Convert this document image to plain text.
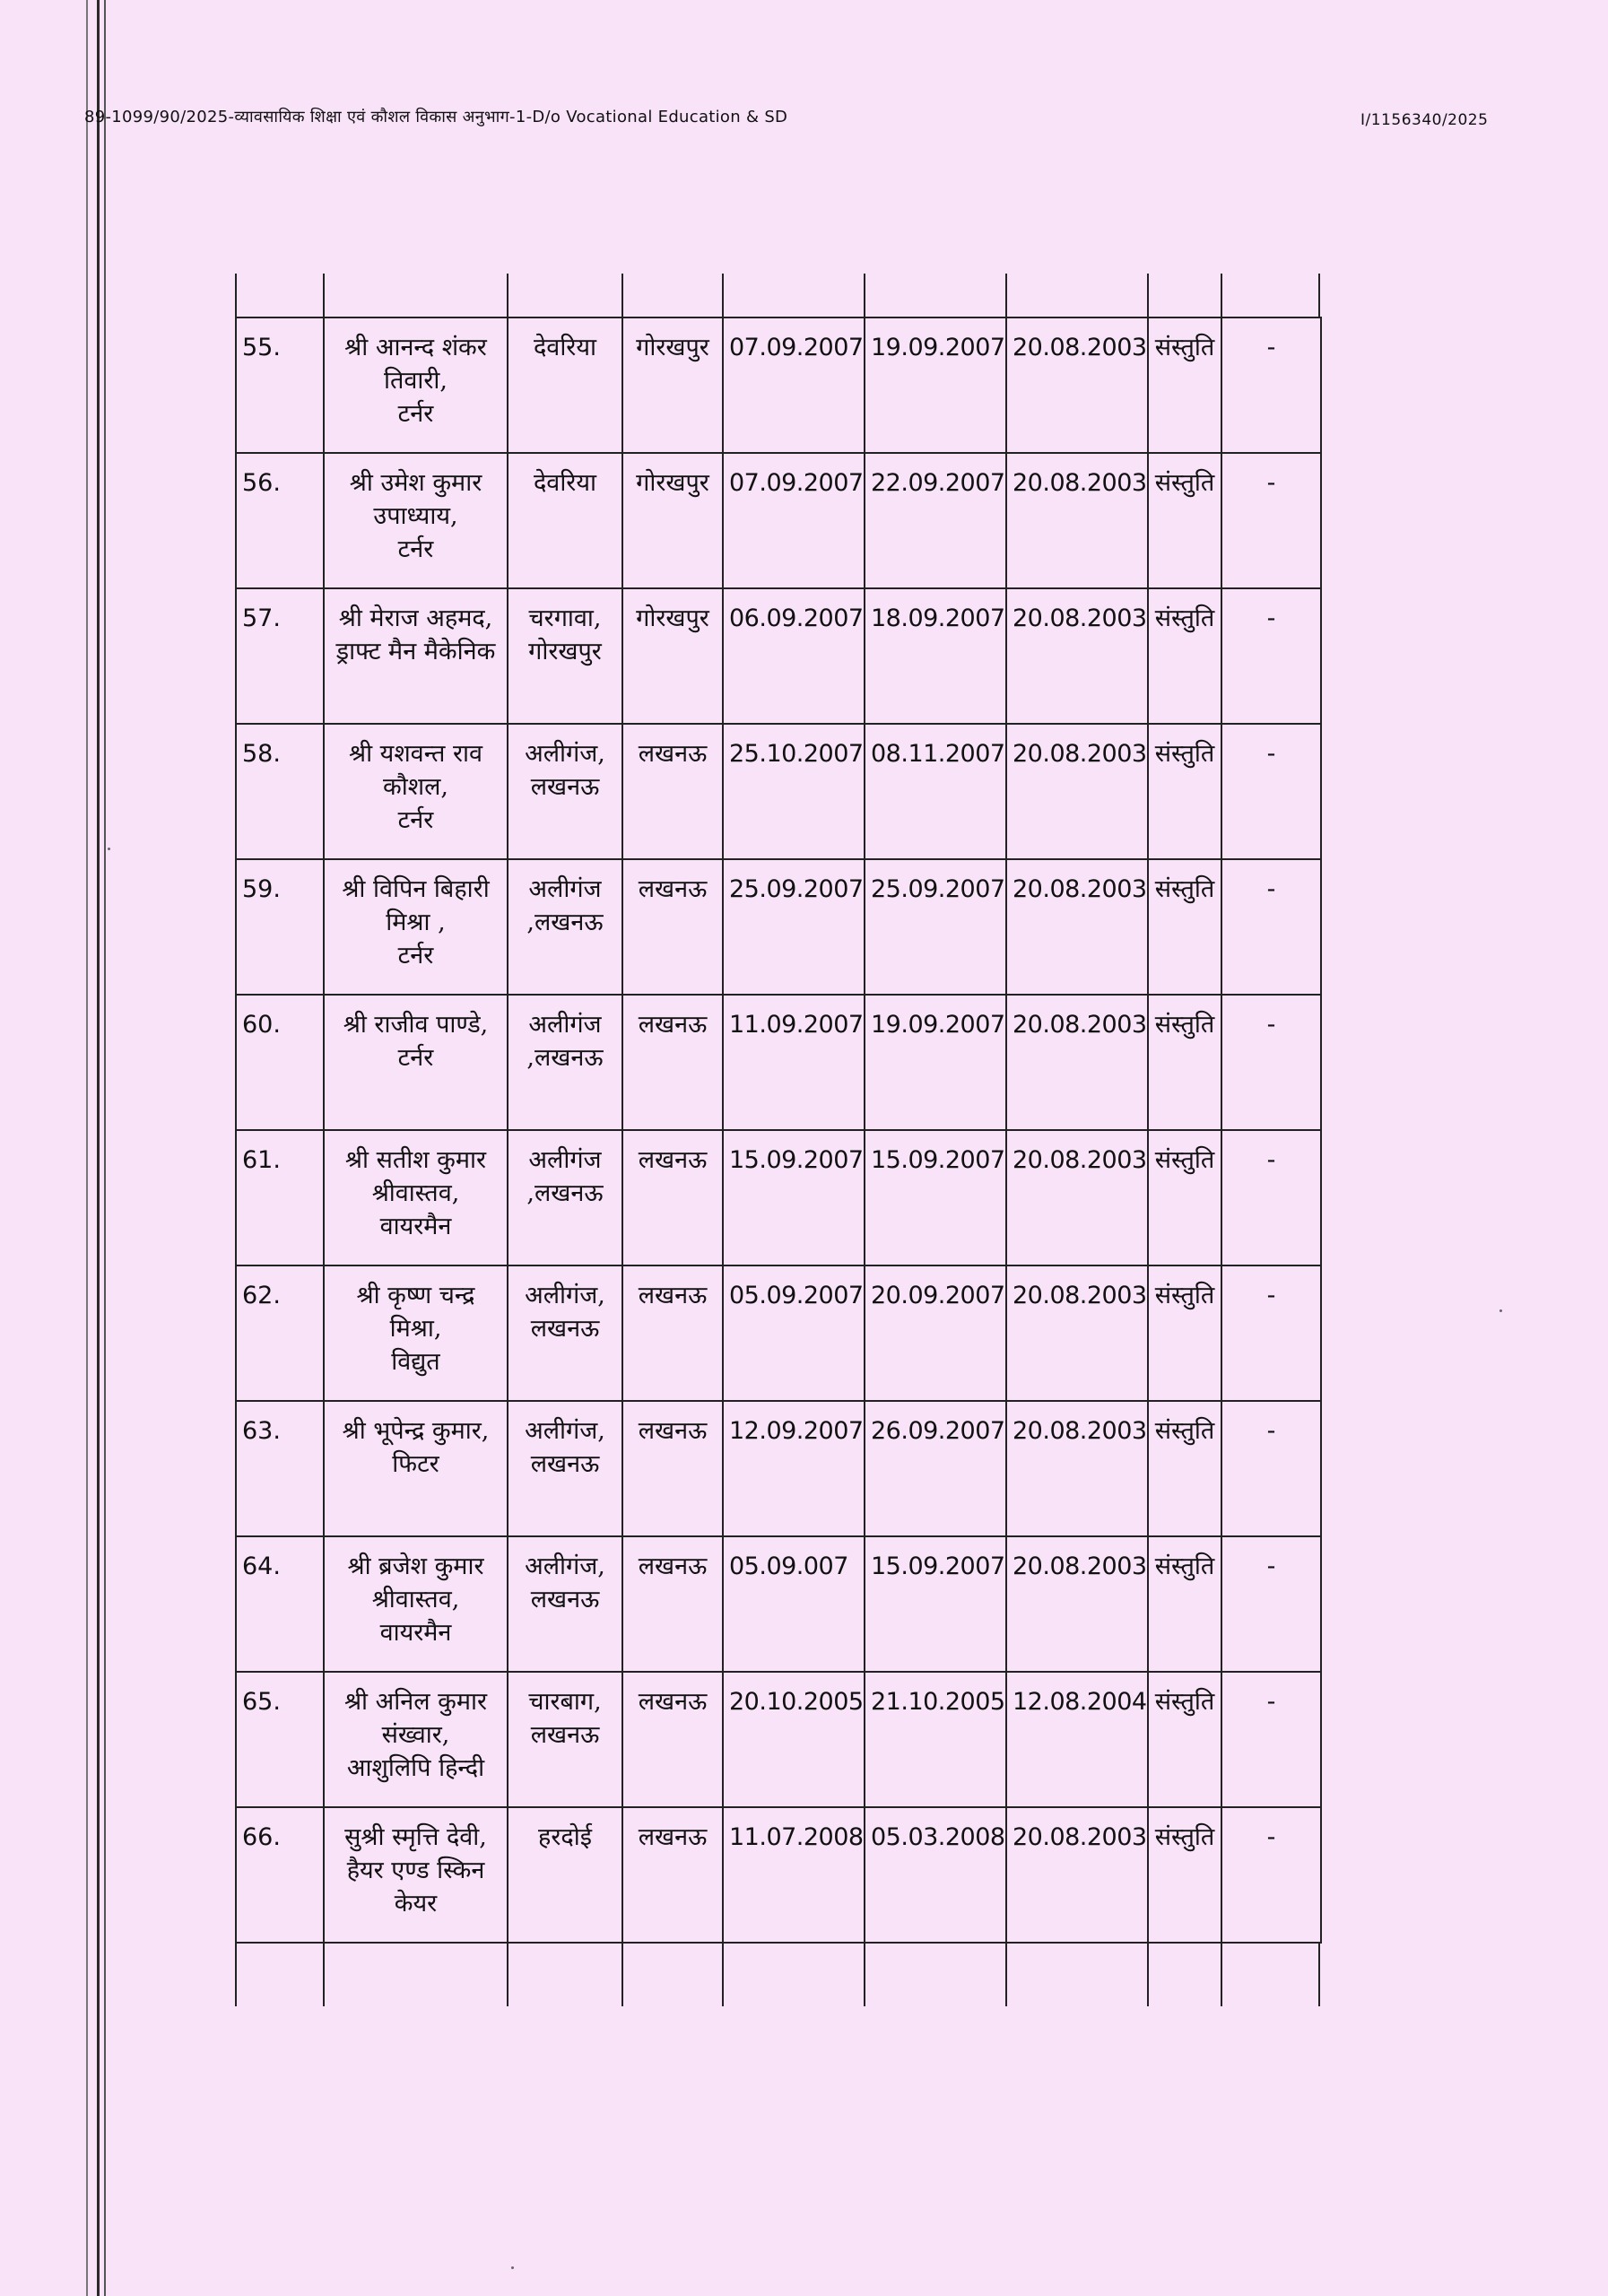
89-1099/90/2025-व्यावसायिक शिक्षा एवं कौशल विकास अनुभाग-1-D/o Vocational Education & SD	I/1156340/2025
55.	श्री आनन्द शंकर
तिवारी,
टर्नर	देवरिया	गोरखपुर	07.09.2007	19.09.2007	20.08.2003	संस्तुति	-
56.	श्री उमेश कुमार
उपाध्याय,
टर्नर	देवरिया	गोरखपुर	07.09.2007	22.09.2007	20.08.2003	संस्तुति	-
57.	श्री मेराज अहमद,
ड्राफ्ट मैन मैकेनिक	चरगावा,
गोरखपुर	गोरखपुर	06.09.2007	18.09.2007	20.08.2003	संस्तुति	-
58.	श्री यशवन्त राव
कौशल,
टर्नर	अलीगंज,
लखनऊ	लखनऊ	25.10.2007	08.11.2007	20.08.2003	संस्तुति	-
59.	श्री विपिन बिहारी
मिश्रा ,
टर्नर	अलीगंज
,लखनऊ	लखनऊ	25.09.2007	25.09.2007	20.08.2003	संस्तुति	-
60.	श्री राजीव पाण्डे,
टर्नर	अलीगंज
,लखनऊ	लखनऊ	11.09.2007	19.09.2007	20.08.2003	संस्तुति	-
61.	श्री सतीश कुमार
श्रीवास्तव,
वायरमैन	अलीगंज
,लखनऊ	लखनऊ	15.09.2007	15.09.2007	20.08.2003	संस्तुति	-
62.	श्री कृष्ण चन्द्र
मिश्रा,
विद्युत	अलीगंज,
लखनऊ	लखनऊ	05.09.2007	20.09.2007	20.08.2003	संस्तुति	-
63.	श्री भूपेन्द्र कुमार,
फिटर	अलीगंज,
लखनऊ	लखनऊ	12.09.2007	26.09.2007	20.08.2003	संस्तुति	-
64.	श्री ब्रजेश कुमार
श्रीवास्तव,
वायरमैन	अलीगंज,
लखनऊ	लखनऊ	05.09.007	15.09.2007	20.08.2003	संस्तुति	-
65.	श्री अनिल कुमार
संख्वार,
आशुलिपि हिन्दी	चारबाग,
लखनऊ	लखनऊ	20.10.2005	21.10.2005	12.08.2004	संस्तुति	-
66.	सुश्री स्मृत्ति देवी,
हैयर एण्ड स्किन
केयर	हरदोई	लखनऊ	11.07.2008	05.03.2008	20.08.2003	संस्तुति	-
